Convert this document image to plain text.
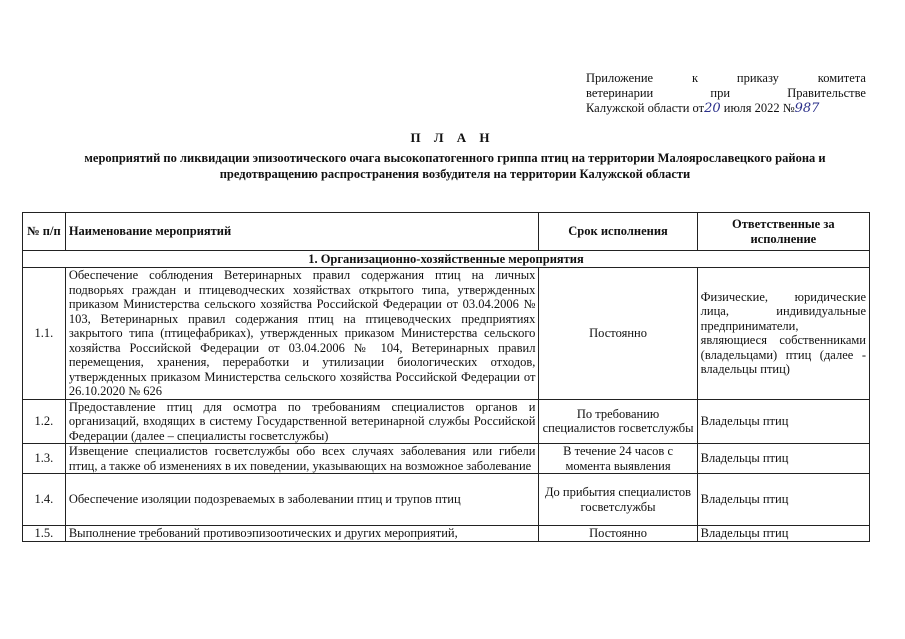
Приложение	к	приказу	комитета
ветеринарии	при	Правительстве
Калужской области от20 июля 2022 №987
П Л А Н
мероприятий по ликвидации эпизоотического очага высокопатогенного гриппа птиц на территории Малоярославецкого района и предотвращению распространения возбудителя на территории Калужской области
№ п/п	Наименование мероприятий	Срок исполнения	Ответственные за исполнение
1. Организационно-хозяйственные мероприятия			
1.1.	Обеспечение соблюдения Ветеринарных правил содержания птиц на личных подворьях граждан и птицеводческих хозяйствах открытого типа, утвержденных приказом Министерства сельского хозяйства Российской Федерации от 03.04.2006 № 103, Ветеринарных правил содержания птиц на птицеводческих предприятиях закрытого типа (птицефабриках), утвержденных приказом Министерства сельского хозяйства Российской Федерации от 03.04.2006 № 104, Ветеринарных правил перемещения, хранения, переработки и утилизации биологических отходов, утвержденных приказом Министерства сельского хозяйства Российской Федерации от 26.10.2020 № 626	Постоянно	Физические, юридические лица, индивидуальные предприниматели, являющиеся собственниками (владельцами) птиц (далее - владельцы птиц)
1.2.	Предоставление птиц для осмотра по требованиям специалистов органов и организаций, входящих в систему Государственной ветеринарной службы Российской Федерации (далее – специалисты госветслужбы)	По требованию специалистов госветслужбы	Владельцы птиц
1.3.	Извещение специалистов госветслужбы обо всех случаях заболевания или гибели птиц, а также об изменениях в их поведении, указывающих на возможное заболевание	В течение 24 часов с момента выявления	Владельцы птиц
1.4.	Обеспечение изоляции подозреваемых в заболевании птиц и трупов птиц	До прибытия специалистов госветслужбы	Владельцы птиц
1.5.	Выполнение требований противоэпизоотических и других мероприятий,	Постоянно	Владельцы птиц
